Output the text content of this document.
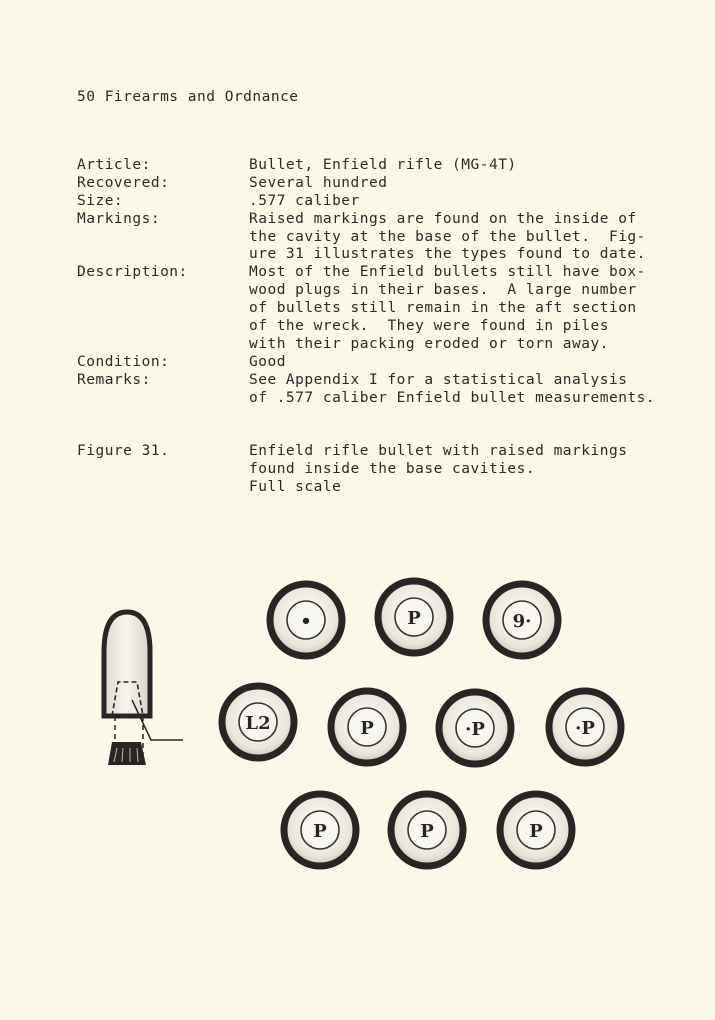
50 Firearms and Ordnance
Article:	Bullet, Enfield rifle (MG-4T)
Recovered:	Several hundred
Size:	.577 caliber
Markings:	Raised markings are found on the inside of
the cavity at the base of the bullet.  Fig-
ure 31 illustrates the types found to date.
Description:	Most of the Enfield bullets still have box-
wood plugs in their bases.  A large number
of bullets still remain in the aft section
of the wreck.  They were found in piles
with their packing eroded or torn away.
Condition:	Good
Remarks:	See Appendix I for a statistical analysis
of .577 caliber Enfield bullet measurements.
Figure 31.	Enfield rifle bullet with raised markings
found inside the base cavities.
Full scale
•	P	9·
L2	P	·P	·P
P	P	P
